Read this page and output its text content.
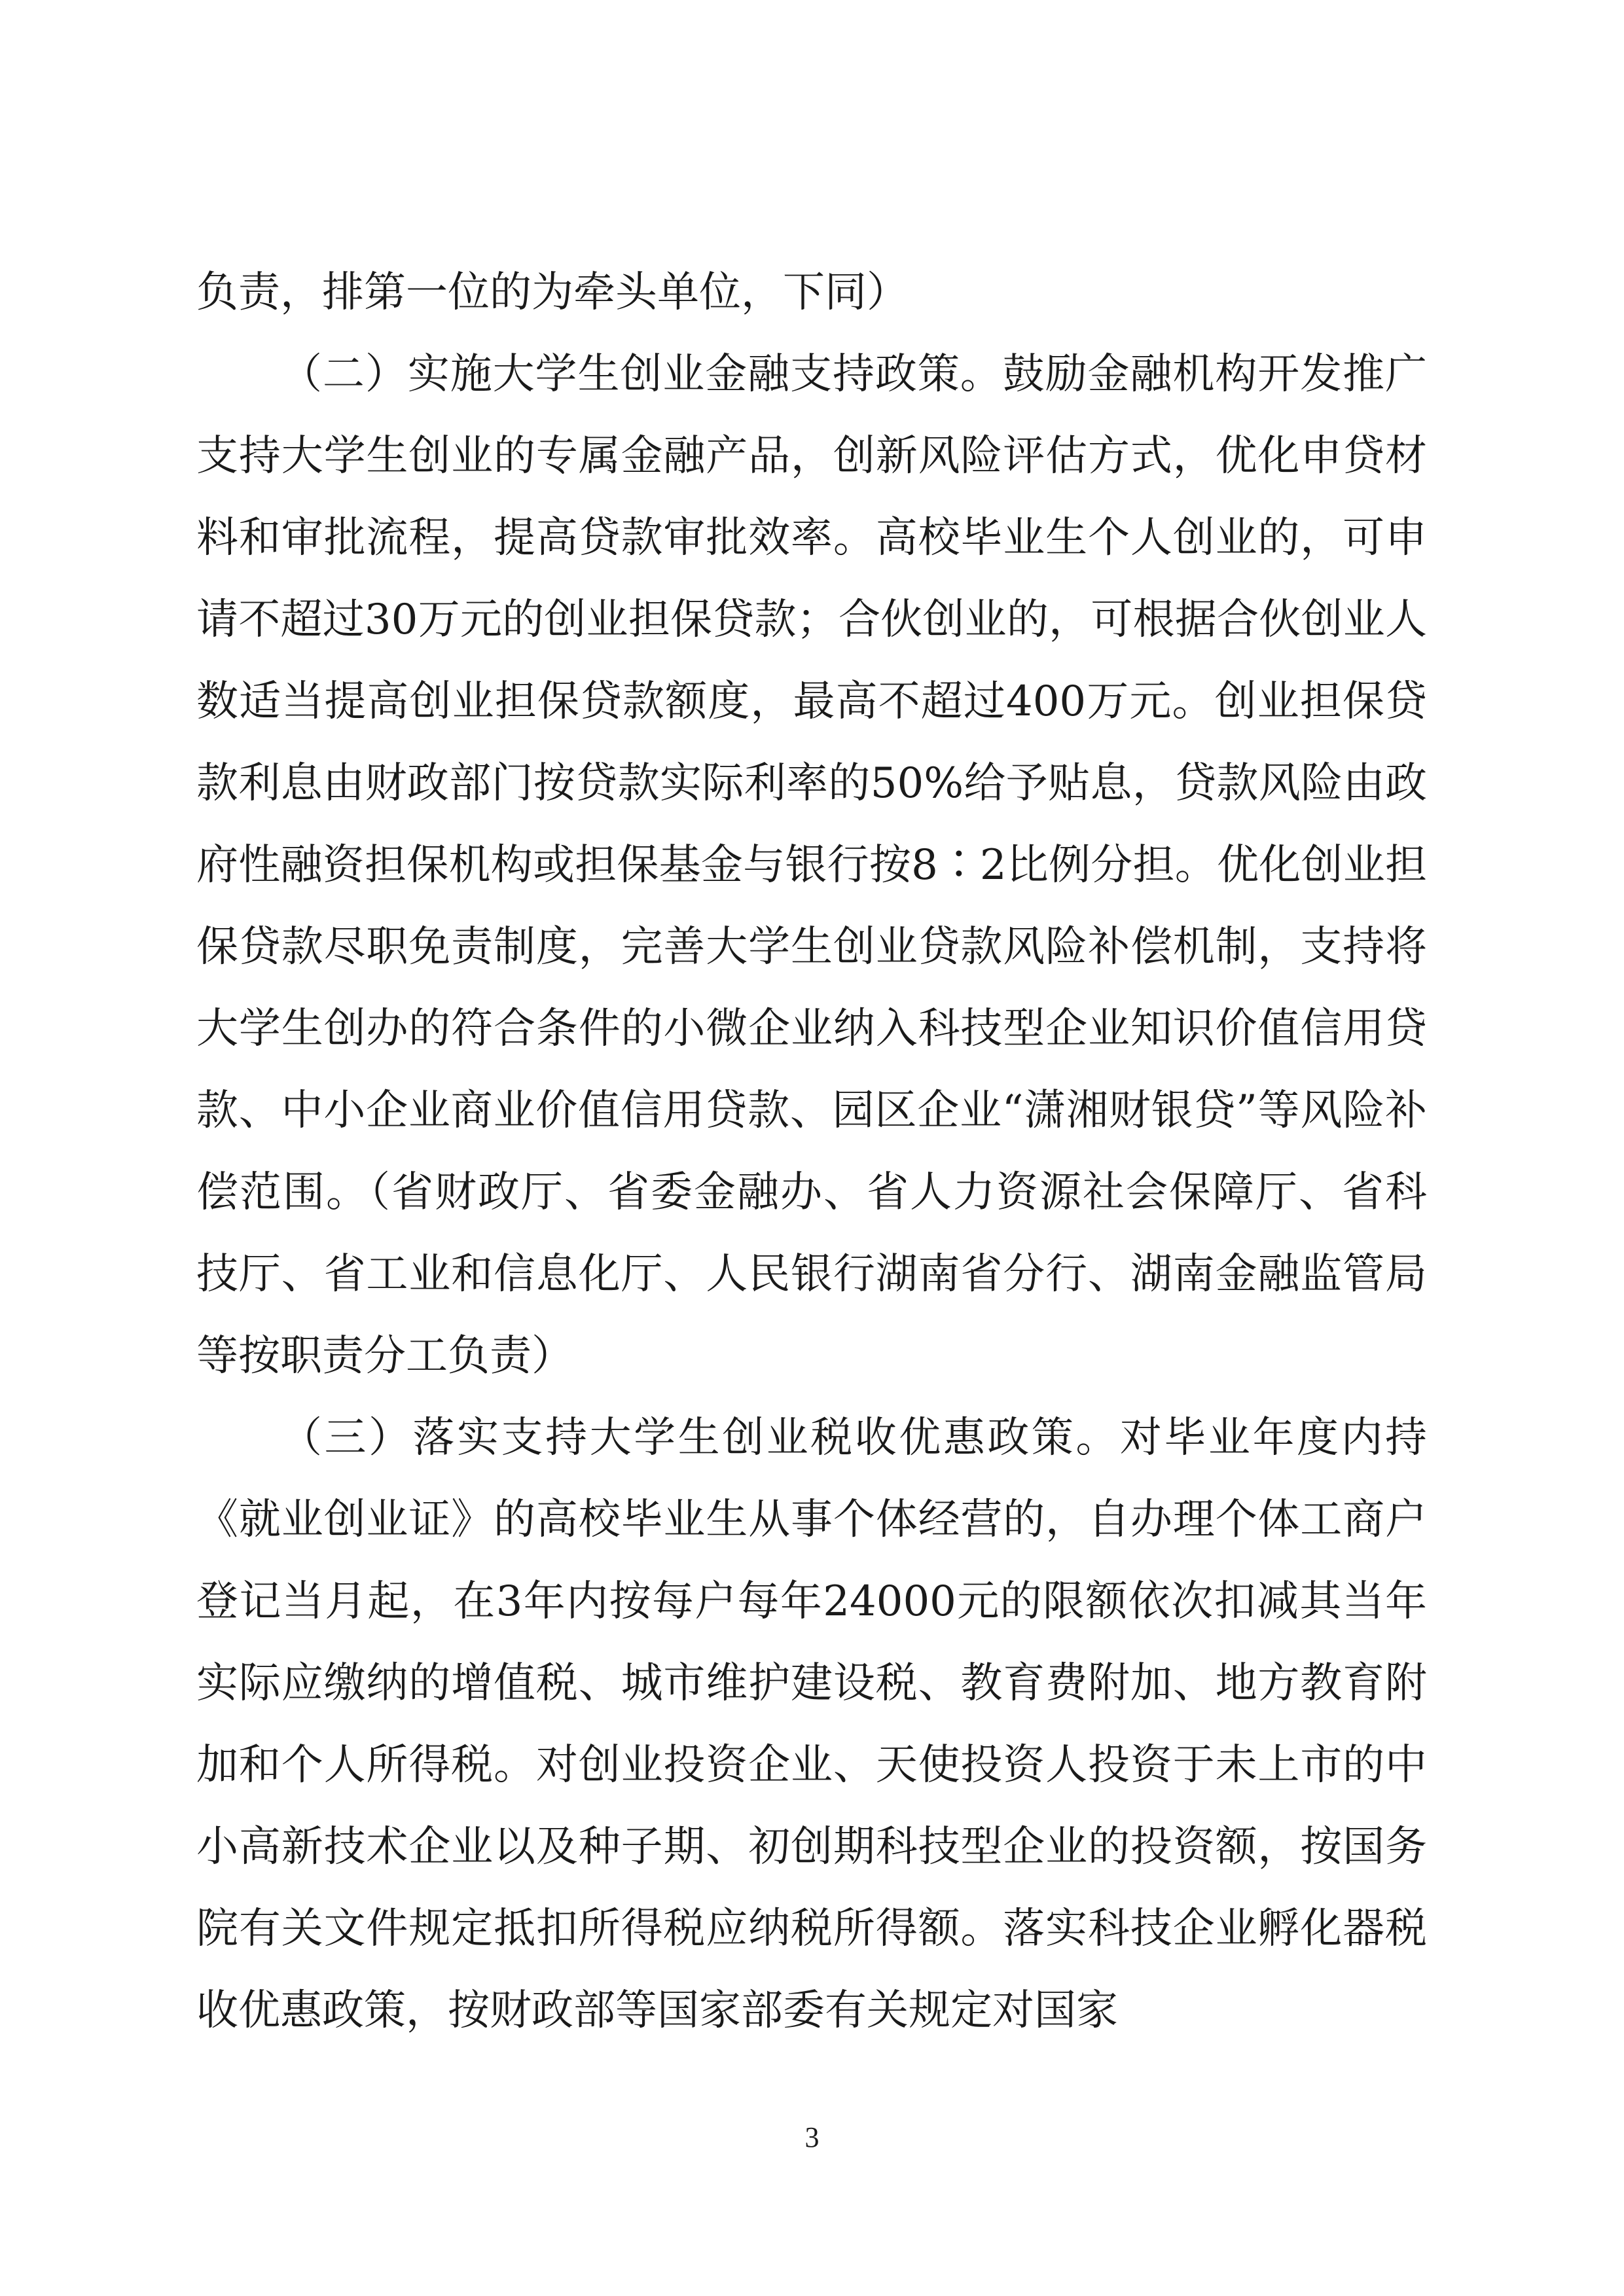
负责，排第一位的为牵头单位，下同）

（二）实施大学生创业金融支持政策。鼓励金融机构开发推广支持大学生创业的专属金融产品，创新风险评估方式，优化申贷材料和审批流程，提高贷款审批效率。高校毕业生个人创业的，可申请不超过30万元的创业担保贷款；合伙创业的，可根据合伙创业人数适当提高创业担保贷款额度，最高不超过400万元。创业担保贷款利息由财政部门按贷款实际利率的50%给予贴息，贷款风险由政府性融资担保机构或担保基金与银行按8∶2比例分担。优化创业担保贷款尽职免责制度，完善大学生创业贷款风险补偿机制，支持将大学生创办的符合条件的小微企业纳入科技型企业知识价值信用贷款、中小企业商业价值信用贷款、园区企业“潇湘财银贷”等风险补偿范围。（省财政厅、省委金融办、省人力资源社会保障厅、省科技厅、省工业和信息化厅、人民银行湖南省分行、湖南金融监管局等按职责分工负责）

（三）落实支持大学生创业税收优惠政策。对毕业年度内持《就业创业证》的高校毕业生从事个体经营的，自办理个体工商户登记当月起，在3年内按每户每年24000元的限额依次扣减其当年实际应缴纳的增值税、城市维护建设税、教育费附加、地方教育附加和个人所得税。对创业投资企业、天使投资人投资于未上市的中小高新技术企业以及种子期、初创期科技型企业的投资额，按国务院有关文件规定抵扣所得税应纳税所得额。落实科技企业孵化器税收优惠政策，按财政部等国家部委有关规定对国家

3
